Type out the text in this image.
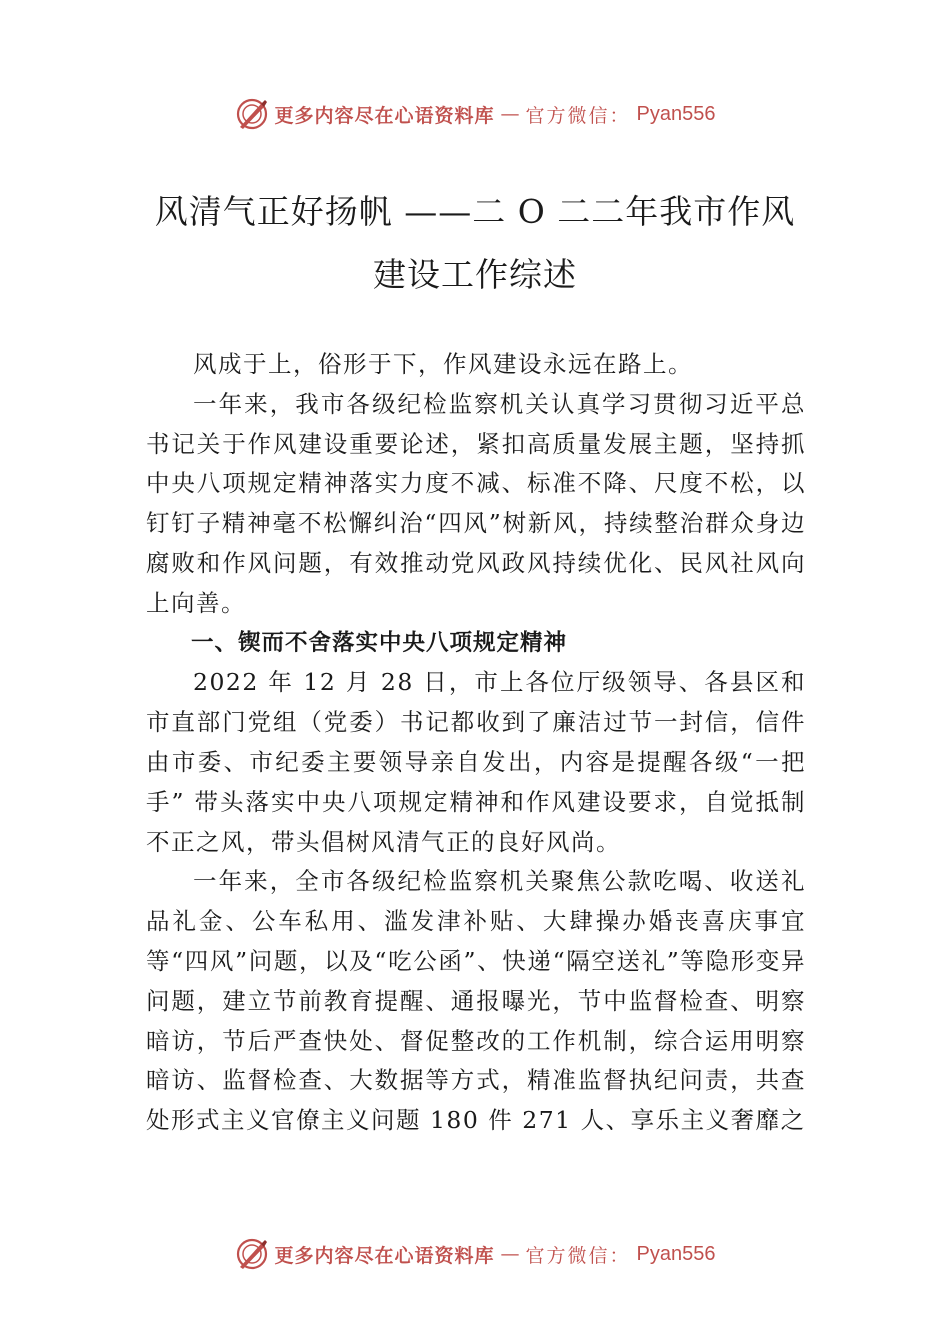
更多内容尽在心语资料库 — 官方微信： Pyan556
风清气正好扬帆 ——二 O 二二年我市作风
建设工作综述

风成于上，俗形于下，作风建设永远在路上。

一年来，我市各级纪检监察机关认真学习贯彻习近平总书记关于作风建设重要论述，紧扣高质量发展主题，坚持抓中央八项规定精神落实力度不减、标准不降、尺度不松，以钉钉子精神毫不松懈纠治“四风”树新风，持续整治群众身边腐败和作风问题，有效推动党风政风持续优化、民风社风向上向善。

一、锲而不舍落实中央八项规定精神

2022 年 12 月 28 日，市上各位厅级领导、各县区和市直部门党组（党委）书记都收到了廉洁过节一封信，信件由市委、市纪委主要领导亲自发出，内容是提醒各级“一把手” 带头落实中央八项规定精神和作风建设要求，自觉抵制不正之风，带头倡树风清气正的良好风尚。

一年来，全市各级纪检监察机关聚焦公款吃喝、收送礼品礼金、公车私用、滥发津补贴、大肆操办婚丧喜庆事宜等“四风”问题，以及“吃公函”、快递“隔空送礼”等隐形变异问题，建立节前教育提醒、通报曝光，节中监督检查、明察暗访，节后严查快处、督促整改的工作机制，综合运用明察暗访、监督检查、大数据等方式，精准监督执纪问责，共查处形式主义官僚主义问题 180 件 271 人、享乐主义奢靡之

更多内容尽在心语资料库 — 官方微信： Pyan556
